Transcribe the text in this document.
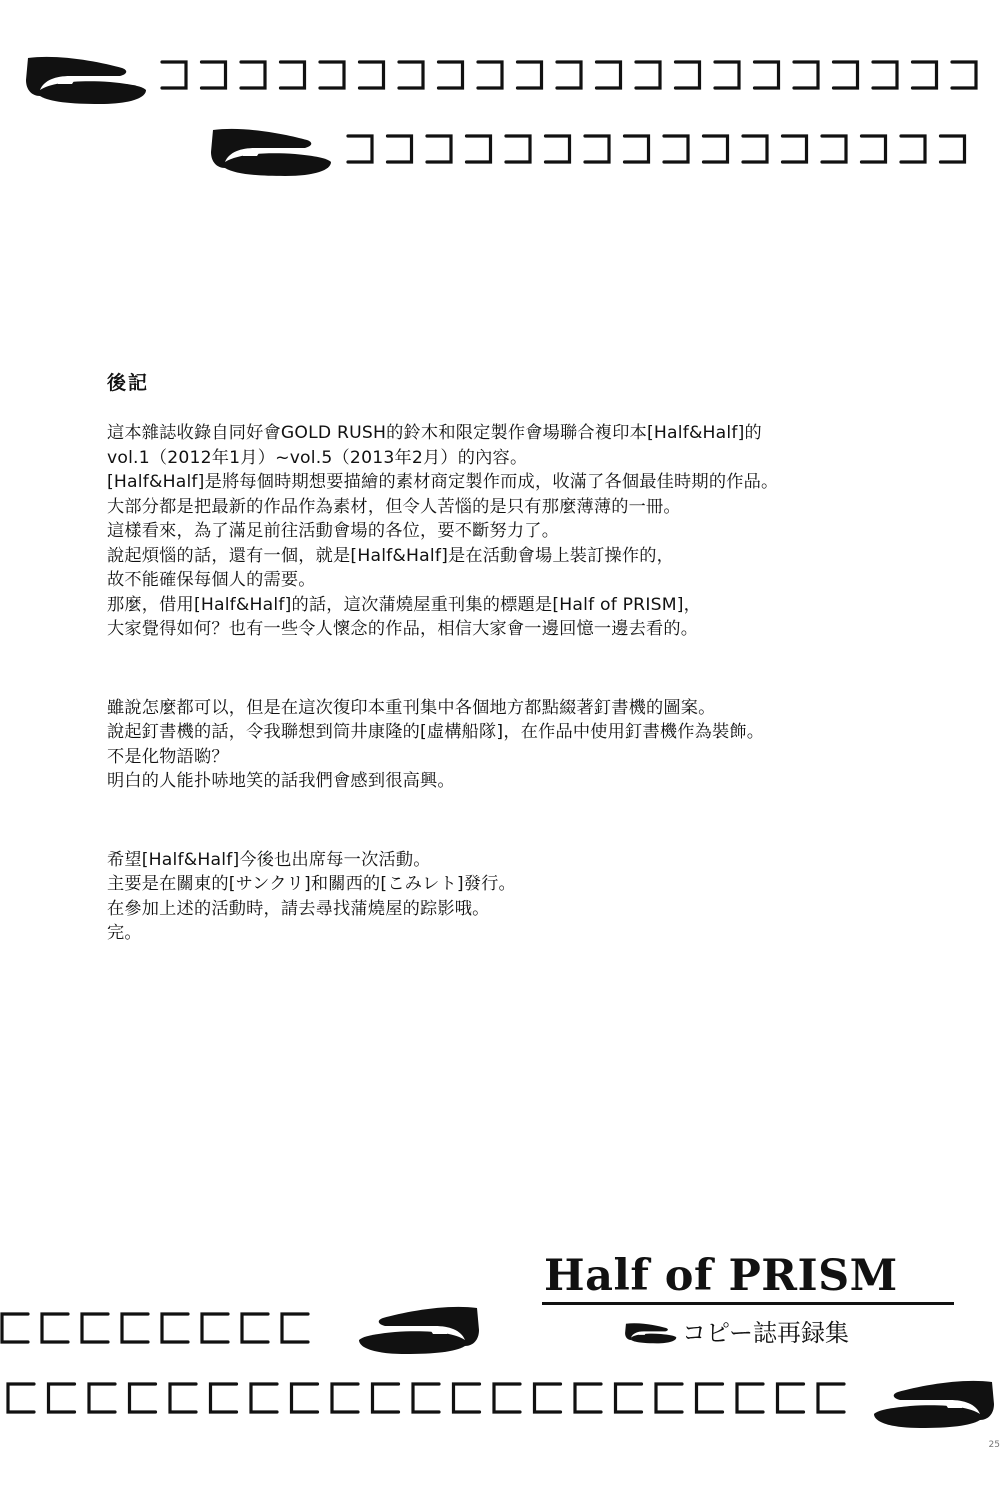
後記
這本雜誌收錄自同好會GOLD RUSH的鈴木和限定製作會場聯合複印本[Half&Half]的
vol.1（2012年1月）~vol.5（2013年2月）的內容。
[Half&Half]是將每個時期想要描繪的素材商定製作而成，收滿了各個最佳時期的作品。
大部分都是把最新的作品作為素材，但令人苦惱的是只有那麼薄薄的一冊。
這樣看來，為了滿足前往活動會場的各位，要不斷努力了。
說起煩惱的話，還有一個，就是[Half&Half]是在活動會場上裝訂操作的，
故不能確保每個人的需要。
那麼，借用[Half&Half]的話，這次蒲燒屋重刊集的標題是[Half of PRISM]，
大家覺得如何？也有一些令人懷念的作品，相信大家會一邊回憶一邊去看的。
雖說怎麼都可以，但是在這次復印本重刊集中各個地方都點綴著釘書機的圖案。
說起釘書機的話，令我聯想到筒井康隆的[虛構船隊]，在作品中使用釘書機作為裝飾。
不是化物語喲？
明白的人能扑哧地笑的話我們會感到很高興。
希望[Half&Half]今後也出席每一次活動。
主要是在關東的[サンクリ]和關西的[こみレト]發行。
在參加上述的活動時，請去尋找蒲燒屋的踪影哦。
完。
Half of PRISM
コピー誌再録集
25
